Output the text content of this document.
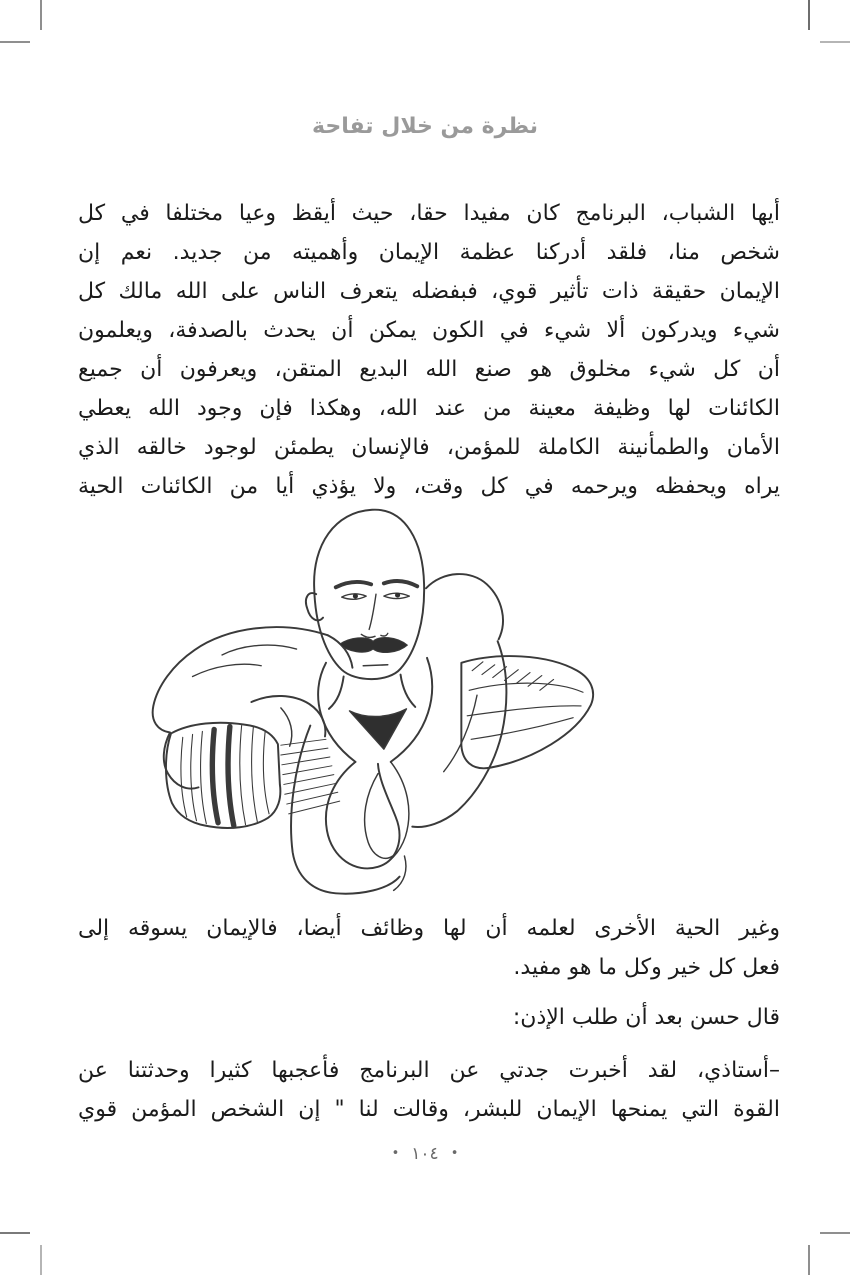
نظرة من خلال تفاحة
أيها الشباب، البرنامج كان مفيدا حقا، حيث أيقظ وعيا مختلفا في كل
شخص منا، فلقد أدركنا عظمة الإيمان وأهميته من جديد. نعم إن
الإيمان حقيقة ذات تأثير قوي، فبفضله يتعرف الناس على الله مالك كل
شيء ويدركون ألا شيء في الكون يمكن أن يحدث بالصدفة، ويعلمون
أن كل شيء مخلوق هو صنع الله البديع المتقن، ويعرفون أن جميع
الكائنات لها وظيفة معينة من عند الله، وهكذا فإن وجود الله يعطي
الأمان والطمأنينة الكاملة للمؤمن، فالإنسان يطمئن لوجود خالقه الذي
يراه ويحفظه ويرحمه في كل وقت، ولا يؤذي أيا من الكائنات الحية
وغير الحية الأخرى لعلمه أن لها وظائف أيضا، فالإيمان يسوقه إلى
فعل كل خير وكل ما هو مفيد.
قال حسن بعد أن طلب الإذن:
–أستاذي، لقد أخبرت جدتي عن البرنامج فأعجبها كثيرا وحدثتنا عن
القوة التي يمنحها الإيمان للبشر، وقالت لنا " إن الشخص المؤمن قوي
•١٠٤•
